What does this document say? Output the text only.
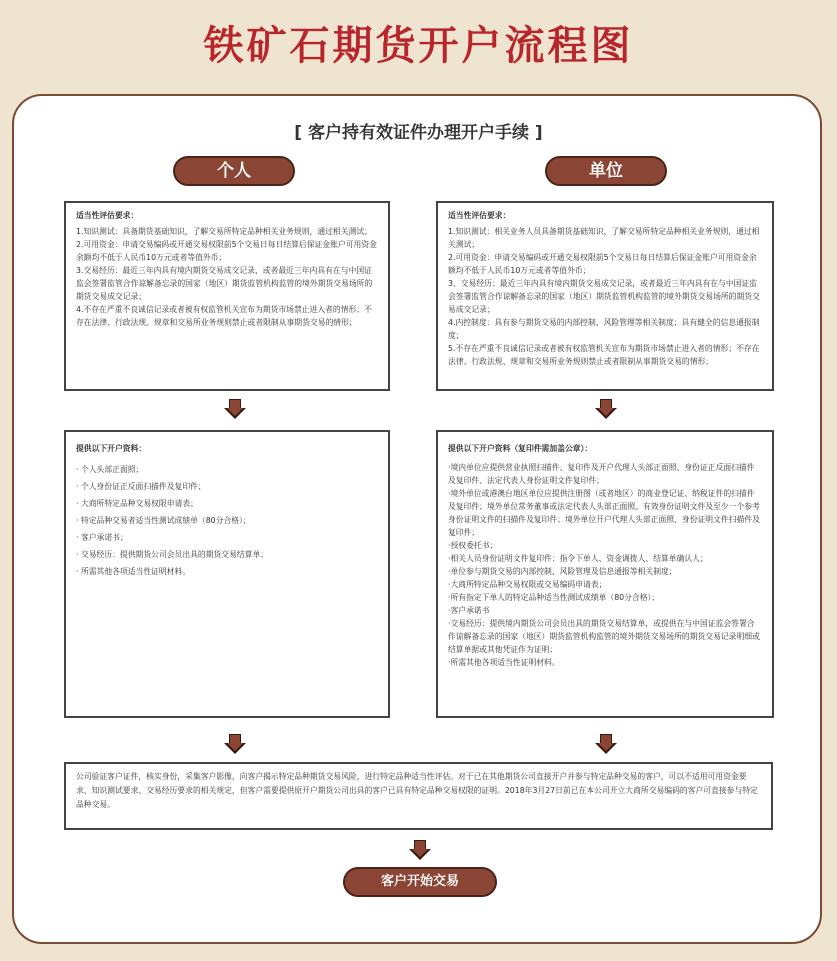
铁矿石期货开户流程图
[ 客户持有效证件办理开户手续 ]
个人	单位

适当性评估要求：

1.知识测试：具备期货基础知识，了解交易所特定品种相关业务规则，通过相关测试；

2.可用资金：申请交易编码或开通交易权限前5个交易日每日结算后保证金账户可用资金余额均不低于人民币10万元或者等值外币；

3.交易经历：最近三年内具有境内期货交易成交记录，或者最近三年内具有在与中国证监会签署监管合作谅解备忘录的国家（地区）期货监管机构监管的境外期货交易场所的期货交易成交记录；

4.不存在严重不良诚信记录或者被有权监管机关宣布为期货市场禁止进入者的情形；不存在法律、行政法规、规章和交易所业务规则禁止或者限制从事期货交易的情形；

适当性评估要求：

1.知识测试：相关业务人员具备期货基础知识，了解交易所特定品种相关业务规则，通过相关测试；

2.可用资金：申请交易编码或开通交易权限前5个交易日每日结算后保证金账户可用资金余额均不低于人民币10万元或者等值外币；

3、交易经历：最近三年内具有境内期货交易成交记录，或者最近三年内具有在与中国证监会签署监管合作谅解备忘录的国家（地区）期货监管机构监管的境外期货交易场所的期货交易成交记录；

4.内控制度：具有参与期货交易的内部控制、风险管理等相关制度；具有健全的信息通报制度；

5.不存在严重不良诚信记录或者被有权监管机关宣布为期货市场禁止进入者的情形；不存在法律、行政法规、规章和交易所业务规则禁止或者限制从事期货交易的情形；

提供以下开户资料：

· 个人头部正面照；
· 个人身份证正反面扫描件及复印件；
· 大商所特定品种交易权限申请表；
· 特定品种交易者适当性测试成绩单（80分合格）；
· 客户承诺书；
· 交易经历：提供期货公司会员出具的期货交易结算单；
· 所需其他各项适当性证明材料。

提供以下开户资料（复印件需加盖公章）：

·境内单位应提供营业执照扫描件、复印件及开户代理人头部正面照、身份证正反面扫描件及复印件、法定代表人身份证明文件复印件；
·境外单位或港澳台地区单位应提供注册图（或者地区）的商业登记证、纳税证件的扫描件及复印件；境外单位常务董事或法定代表人头部正面照、有效身份证明文件及至少一个参考身份证明文件的扫描件及复印件；境外单位开户代理人头部正面照、身份证明文件扫描件及复印件；
·授权委托书；
·相关人员身份证明文件复印件：指令下单人、资金调拨人、结算单确认人；
·单位参与期货交易的内部控制、风险管理及信息通报等相关制度；
·大商所特定品种交易权限或交易编码申请表；
·所有指定下单人的特定品种适当性测试成绩单（80分合格）；
·客户承诺书
·交易经历：提供境内期货公司会员出具的期货交易结算单，或提供在与中国证监会签署合作谅解备忘录的国家（地区）期货监管机构监管的境外期货交易场所的期货交易记录明细或结算单据或其他凭证作为证明；
·所需其他各项适当性证明材料。
公司验证客户证件，核实身份，采集客户影像，向客户揭示特定品种期货交易风险，进行特定品种适当性评估。对于已在其他期货公司直接开户并参与特定品种交易的客户，可以不适用可用资金要求、知识测试要求、交易经历要求的相关规定，但客户需要提供原开户期货公司出具的客户已具有特定品种交易权限的证明。2018年3月27日前已在本公司开立大商所交易编码的客户可直接参与特定品种交易。
客户开始交易
